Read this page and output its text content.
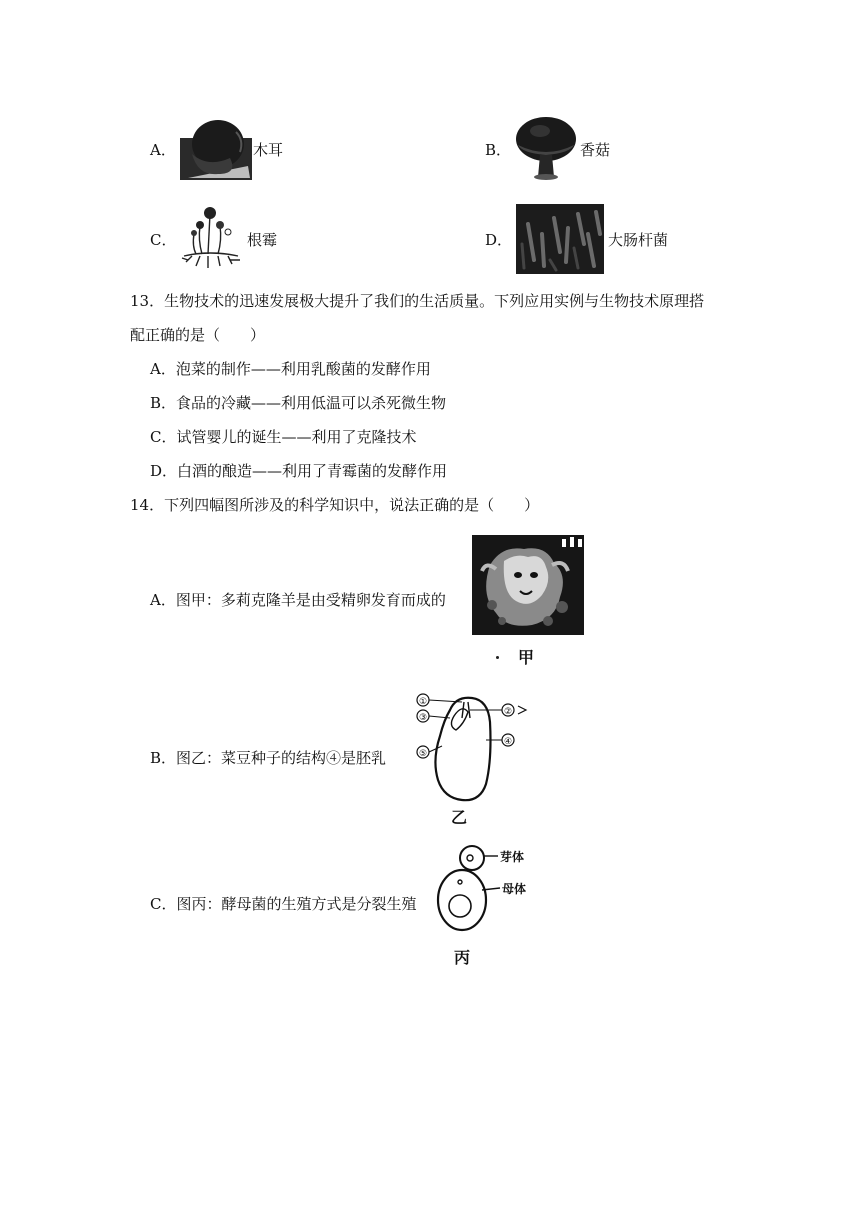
A．	木耳	B．	香菇
C．	根霉	D．	大肠杆菌
13．生物技术的迅速发展极大提升了我们的生活质量。下列应用实例与生物技术原理搭
配正确的是（　　）
A．泡菜的制作——利用乳酸菌的发酵作用
B．食品的冷藏——利用低温可以杀死微生物
C．试管婴儿的诞生——利用了克隆技术
D．白酒的酿造——利用了青霉菌的发酵作用
14．下列四幅图所涉及的科学知识中，说法正确的是（　　）
A．图甲：多莉克隆羊是由受精卵发育而成的
甲
B．图乙：菜豆种子的结构④是胚乳
①
③
⑤
②
④
乙
C．图丙：酵母菌的生殖方式是分裂生殖
芽体
母体
丙
